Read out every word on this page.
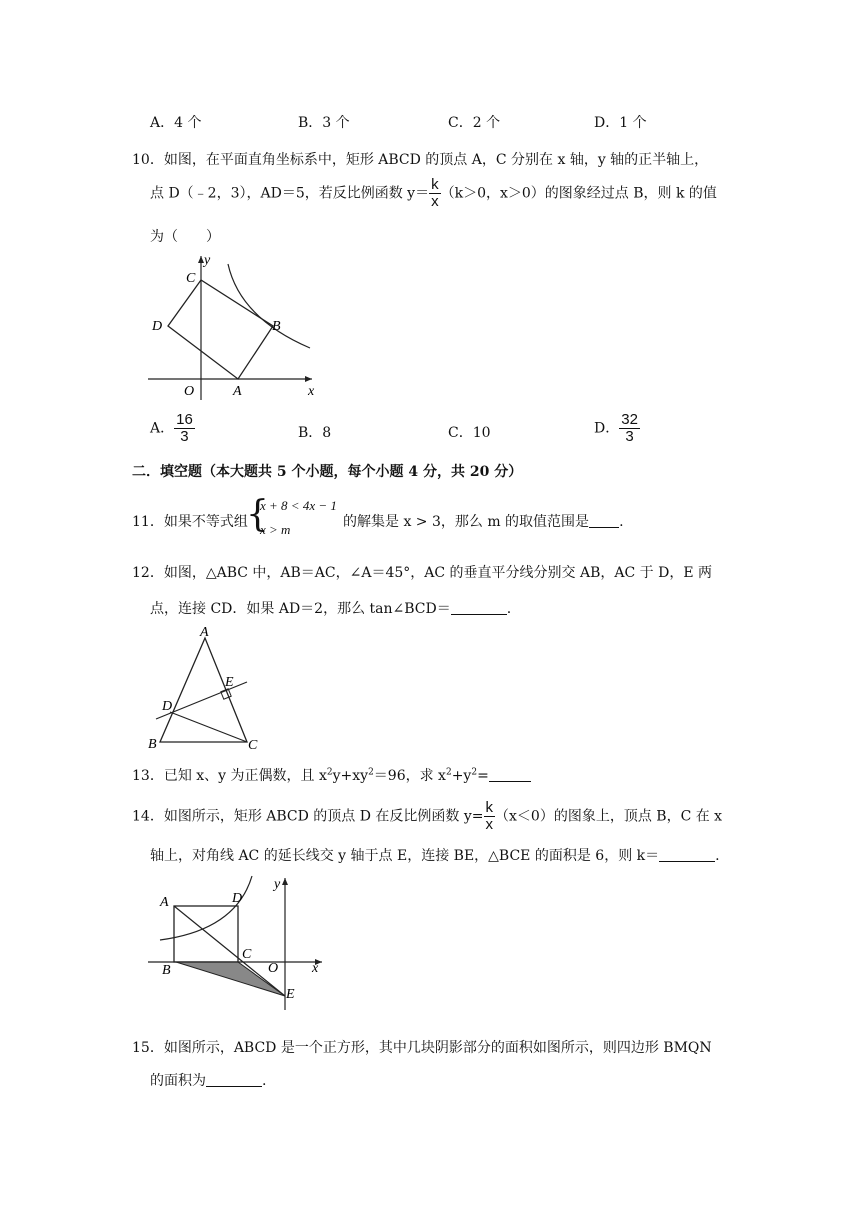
A．4 个	B．3 个	C．2 个	D．1 个
10．如图，在平面直角坐标系中，矩形 ABCD 的顶点 A，C 分别在 x 轴，y 轴的正半轴上，
点 D（﹣2，3），AD＝5，若反比例函数 $y= \frac{k}{x} (k>0$，x＞0）的图象经过点 B，则 k 的值
为（　　）
y
C
D	B
O	A	x
A． $\frac{16}{3}$	B．8	C．10	D． $\frac{32}{3}$
二．填空题（本大题共 5 个小题，每个小题 4 分，共 20 分）
11．如果不等式组
{
x + 8 < 4x − 1
x > m	的解集是 x > 3，那么 m 的取值范围是 .
12．如图，△ABC 中，AB＝AC，∠A＝45°，AC 的垂直平分线分别交 AB，AC 于 D，E 两
点，连接 CD．如果 AD＝2，那么 tan∠BCD＝	.
A
E
D
B	C
13．已知 x、y 为正偶数，且 $x^2y+xy^2=96$，求 $x^2+y^2=$
14．如图所示，矩形 ABCD 的顶点 D 在反比例函数 $y= \frac{k}{x} (x<0)$的图象上，顶点 B，C 在 x
轴上，对角线 AC 的延长线交 y 轴于点 E，连接 BE，△BCE 的面积是 6，则 k＝	.
y
A	D
C
O x
B
E
15．如图所示，ABCD 是一个正方形，其中几块阴影部分的面积如图所示，则四边形 BMQN
的面积为	.
